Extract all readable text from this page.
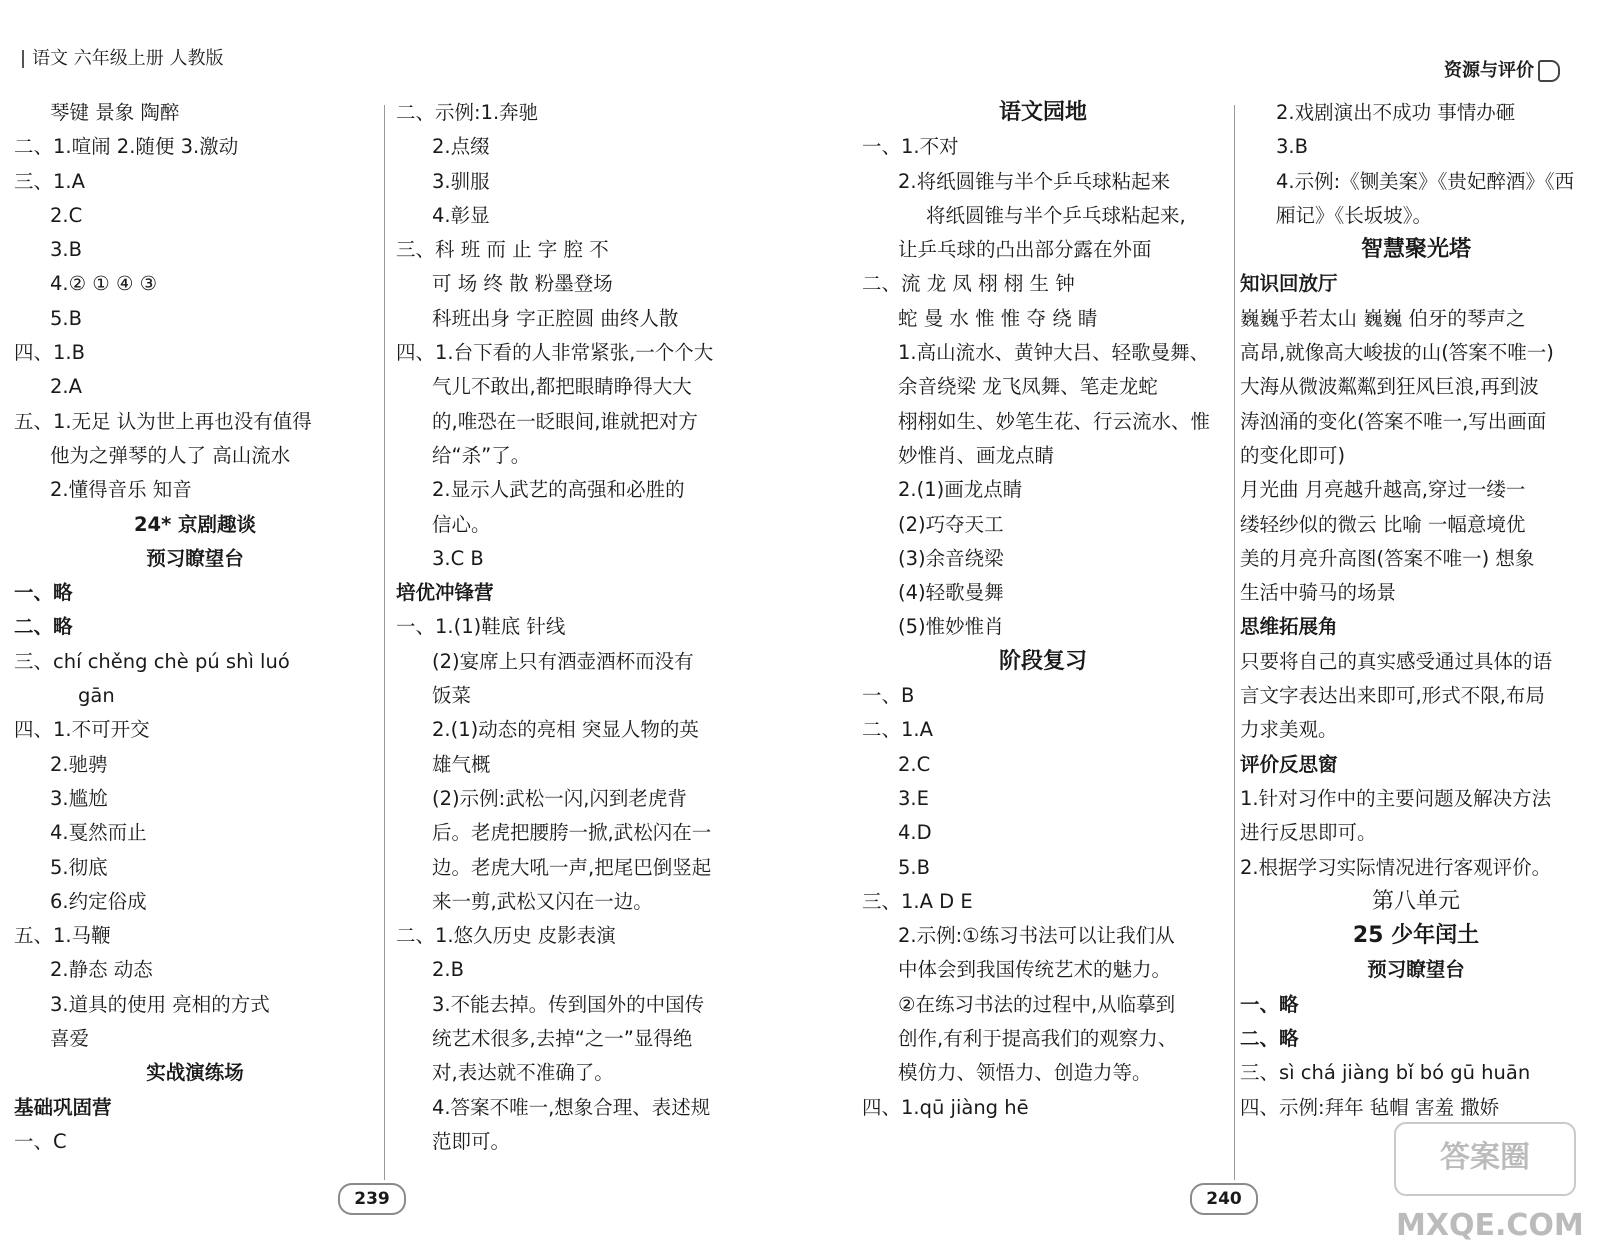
语文 六年级上册 人教版
资源与评价
琴键 景象 陶醉
二、1.喧闹 2.随便 3.激动
三、1.A
2.C
3.B
4.② ① ④ ③
5.B
四、1.B
2.A
五、1.无足 认为世上再也没有值得
他为之弹琴的人了 高山流水
2.懂得音乐 知音
24* 京剧趣谈
预习瞭望台
一、略
二、略
三、chí chěng chè pú shì luó
gān
四、1.不可开交
2.驰骋
3.尴尬
4.戛然而止
5.彻底
6.约定俗成
五、1.马鞭
2.静态 动态
3.道具的使用 亮相的方式
喜爱
实战演练场
基础巩固营
一、C
二、示例:1.奔驰
2.点缀
3.驯服
4.彰显
三、科 班 而 止 字 腔 不
可 场 终 散 粉墨登场
科班出身 字正腔圆 曲终人散
四、1.台下看的人非常紧张,一个个大
气儿不敢出,都把眼睛睁得大大
的,唯恐在一眨眼间,谁就把对方
给“杀”了。
2.显示人武艺的高强和必胜的
信心。
3.C B
培优冲锋营
一、1.(1)鞋底 针线
(2)宴席上只有酒壶酒杯而没有
饭菜
2.(1)动态的亮相 突显人物的英
雄气概
(2)示例:武松一闪,闪到老虎背
后。老虎把腰胯一掀,武松闪在一
边。老虎大吼一声,把尾巴倒竖起
来一剪,武松又闪在一边。
二、1.悠久历史 皮影表演
2.B
3.不能去掉。传到国外的中国传
统艺术很多,去掉“之一”显得绝
对,表达就不准确了。
4.答案不唯一,想象合理、表述规
范即可。
语文园地
一、1.不对
2.将纸圆锥与半个乒乓球粘起来
将纸圆锥与半个乒乓球粘起来,
让乒乓球的凸出部分露在外面
二、流 龙 凤 栩 栩 生 钟
蛇 曼 水 惟 惟 夺 绕 睛
1.高山流水、黄钟大吕、轻歌曼舞、
余音绕梁 龙飞凤舞、笔走龙蛇
栩栩如生、妙笔生花、行云流水、惟
妙惟肖、画龙点睛
2.(1)画龙点睛
(2)巧夺天工
(3)余音绕梁
(4)轻歌曼舞
(5)惟妙惟肖
阶段复习
一、B
二、1.A
2.C
3.E
4.D
5.B
三、1.A D E
2.示例:①练习书法可以让我们从
中体会到我国传统艺术的魅力。
②在练习书法的过程中,从临摹到
创作,有利于提高我们的观察力、
模仿力、领悟力、创造力等。
四、1.qū jiàng hē
2.戏剧演出不成功 事情办砸
3.B
4.示例:《铡美案》《贵妃醉酒》《西
厢记》《长坂坡》。
智慧聚光塔
知识回放厅
巍巍乎若太山 巍巍 伯牙的琴声之
高昂,就像高大峻拔的山(答案不唯一)
大海从微波粼粼到狂风巨浪,再到波
涛汹涌的变化(答案不唯一,写出画面
的变化即可)
月光曲 月亮越升越高,穿过一缕一
缕轻纱似的微云 比喻 一幅意境优
美的月亮升高图(答案不唯一) 想象
生活中骑马的场景
思维拓展角
只要将自己的真实感受通过具体的语
言文字表达出来即可,形式不限,布局
力求美观。
评价反思窗
1.针对习作中的主要问题及解决方法
进行反思即可。
2.根据学习实际情况进行客观评价。
第八单元
25 少年闰土
预习瞭望台
一、略
二、略
三、sì chá jiàng bǐ bó gū huān
四、示例:拜年 毡帽 害羞 撒娇
239	240
答案圈 MXQE.COM
